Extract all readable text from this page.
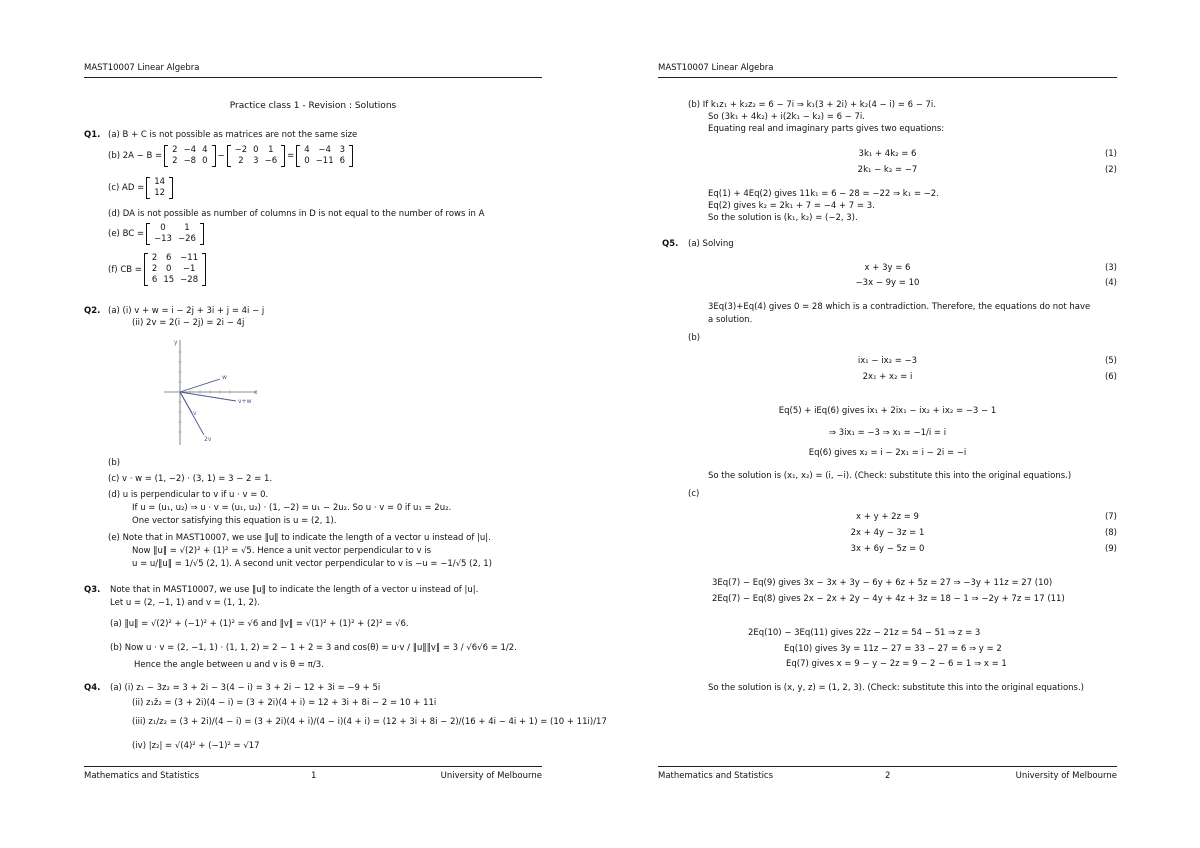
MAST10007 Linear Algebra
Practice class 1 - Revision : Solutions
Q1. (a) B + C is not possible as matrices are not the same size
(b) 2A − B =
2	−4	4
2	−8	0 −
−2	0	1
2	3	−6 =
4	−4	3
0	−11	6
(c) AD =
14
12
(d) DA is not possible as number of columns in D is not equal to the number of rows in A
(e) BC =
0	1
−13	−26
(f) CB =
2	6	−11
2	0	−1
6	15	−28
Q2. (a) (i) v + w = i − 2j + 3i + j = 4i − j
(ii) 2v = 2(i − 2j) = 2i − 4j
y
x
w
v+w
v
2v
(b)
(c) v · w = (1, −2) · (3, 1) = 3 − 2 = 1.
(d) u is perpendicular to v if u · v = 0.
If u = (u₁, u₂) ⇒ u · v = (u₁, u₂) · (1, −2) = u₁ − 2u₂. So u · v = 0 if u₁ = 2u₂.
One vector satisfying this equation is u = (2, 1).
(e) Note that in MAST10007, we use ‖u‖ to indicate the length of a vector u instead of |u|.
Now ‖u‖ = √(2)² + (1)² = √5. Hence a unit vector perpendicular to v is
u = u/‖u‖ = 1/√5 (2, 1). A second unit vector perpendicular to v is −u = −1/√5 (2, 1)
Q3. Note that in MAST10007, we use ‖u‖ to indicate the length of a vector u instead of |u|.
Let u = (2, −1, 1) and v = (1, 1, 2).
(a) ‖u‖ = √(2)² + (−1)² + (1)² = √6 and ‖v‖ = √(1)² + (1)² + (2)² = √6.
(b) Now u · v = (2, −1, 1) · (1, 1, 2) = 2 − 1 + 2 = 3 and cos(θ) = u·v / ‖u‖‖v‖ = 3 / √6√6 = 1/2.
Hence the angle between u and v is θ = π/3.
Q4. (a) (i) z₁ − 3z₂ = 3 + 2i − 3(4 − i) = 3 + 2i − 12 + 3i = −9 + 5i
(ii) z₁z̄₂ = (3 + 2i)(4 − i) = (3 + 2i)(4 + i) = 12 + 3i + 8i − 2 = 10 + 11i
(iii) z₁/z₂ = (3 + 2i)/(4 − i) = (3 + 2i)(4 + i)/(4 − i)(4 + i) = (12 + 3i + 8i − 2)/(16 + 4i − 4i + 1) = (10 + 11i)/17
(iv) |z₂| = √(4)² + (−1)² = √17
Mathematics and Statistics	1	University of Melbourne
MAST10007 Linear Algebra
(b) If k₁z₁ + k₂z₂ = 6 − 7i ⇒ k₁(3 + 2i) + k₂(4 − i) = 6 − 7i.
So (3k₁ + 4k₂) + i(2k₁ − k₂) = 6 − 7i.
Equating real and imaginary parts gives two equations:
3k₁ + 4k₂ = 6	(1)
2k₁ − k₂ = −7	(2)
Eq(1) + 4Eq(2) gives 11k₁ = 6 − 28 = −22 ⇒ k₁ = −2.
Eq(2) gives k₂ = 2k₁ + 7 = −4 + 7 = 3.
So the solution is (k₁, k₂) = (−2, 3).
Q5. (a) Solving
x + 3y = 6	(3)
−3x − 9y = 10	(4)
3Eq(3)+Eq(4) gives 0 = 28 which is a contradiction. Therefore, the equations do not have
a solution.
(b)
ix₁ − ix₂ = −3	(5)
2x₁ + x₂ = i	(6)
Eq(5) + iEq(6) gives ix₁ + 2ix₁ − ix₂ + ix₂ = −3 − 1
⇒ 3ix₁ = −3 ⇒ x₁ = −1/i = i
Eq(6) gives x₂ = i − 2x₁ = i − 2i = −i
So the solution is (x₁, x₂) = (i, −i). (Check: substitute this into the original equations.)
(c)
x + y + 2z = 9	(7)
2x + 4y − 3z = 1	(8)
3x + 6y − 5z = 0	(9)
3Eq(7) − Eq(9) gives 3x − 3x + 3y − 6y + 6z + 5z = 27 ⇒ −3y + 11z = 27 (10)
2Eq(7) − Eq(8) gives 2x − 2x + 2y − 4y + 4z + 3z = 18 − 1 ⇒ −2y + 7z = 17 (11)
2Eq(10) − 3Eq(11) gives 22z − 21z = 54 − 51 ⇒ z = 3
Eq(10) gives 3y = 11z − 27 = 33 − 27 = 6 ⇒ y = 2
Eq(7) gives x = 9 − y − 2z = 9 − 2 − 6 = 1 ⇒ x = 1
So the solution is (x, y, z) = (1, 2, 3). (Check: substitute this into the original equations.)
Mathematics and Statistics	2	University of Melbourne
